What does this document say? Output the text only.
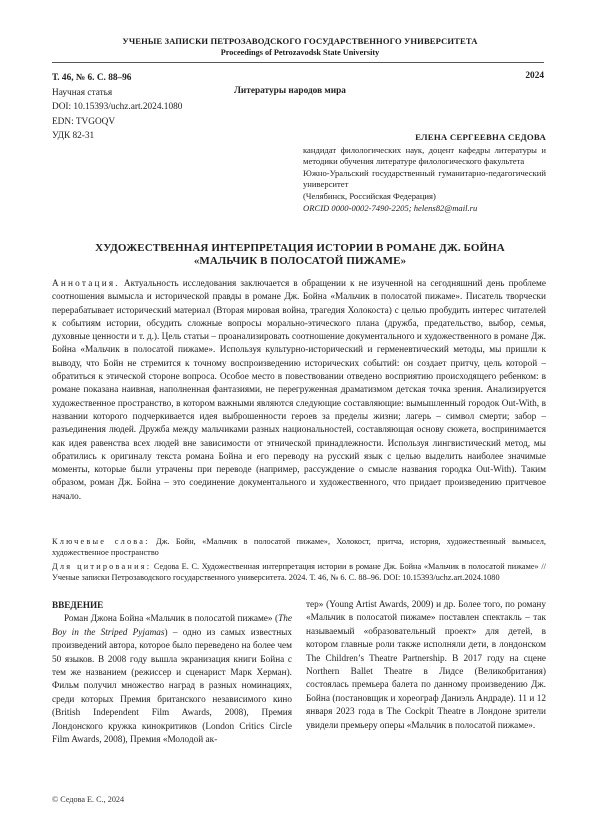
УЧЕНЫЕ ЗАПИСКИ ПЕТРОЗАВОДСКОГО ГОСУДАРСТВЕННОГО УНИВЕРСИТЕТА
Proceedings of Petrozavodsk State University
Т. 46, № 6. С. 88–96
Научная статья
DOI: 10.15393/uchz.art.2024.1080
EDN: TVGOQV
УДК 82-31
2024
Литературы народов мира
ЕЛЕНА СЕРГЕЕВНА СЕДОВА
кандидат филологических наук, доцент кафедры литературы и методики обучения литературе филологического факультета
Южно-Уральский государственный гуманитарно-педагогический университет
(Челябинск, Российская Федерация)
ORCID 0000-0002-7490-2205; helens82@mail.ru
ХУДОЖЕСТВЕННАЯ ИНТЕРПРЕТАЦИЯ ИСТОРИИ В РОМАНЕ ДЖ. БОЙНА
«МАЛЬЧИК В ПОЛОСАТОЙ ПИЖАМЕ»
Аннотация. Актуальность исследования заключается в обращении к не изученной на сегодняшний день проблеме соотношения вымысла и исторической правды в романе Дж. Бойна «Мальчик в полосатой пижаме». Писатель творчески перерабатывает исторический материал (Вторая мировая война, трагедия Холокоста) с целью пробудить интерес читателей к событиям истории, обсудить сложные вопросы морально-этического плана (дружба, предательство, выбор, семья, духовные ценности и т. д.). Цель статьи – проанализировать соотношение документального и художественного в романе Дж. Бойна «Мальчик в полосатой пижаме». Используя культурно-исторический и герменевтический методы, мы пришли к выводу, что Бойн не стремится к точному воспроизведению исторических событий: он создает притчу, цель которой – обратиться к этической стороне вопроса. Особое место в повествовании отведено восприятию происходящего ребенком: в романе показана наивная, наполненная фантазиями, не перегруженная драматизмом детская точка зрения. Анализируется художественное пространство, в котором важными являются следующие составляющие: вымышленный городок Out-With, в названии которого подчеркивается идея выброшенности героев за пределы жизни; лагерь – символ смерти; забор – разъединения людей. Дружба между мальчиками разных национальностей, составляющая основу сюжета, воспринимается как идея равенства всех людей вне зависимости от этнической принадлежности. Используя лингвистический метод, мы обратились к оригиналу текста романа Бойна и его переводу на русский язык с целью выделить наиболее значимые моменты, которые были утрачены при переводе (например, рассуждение о смысле названия городка Out-With). Таким образом, роман Дж. Бойна – это соединение документального и художественного, что придает произведению притчевое начало.
Ключевые слова: Дж. Бойн, «Мальчик в полосатой пижаме», Холокост, притча, история, художественный вымысел, художественное пространство
Для цитирования: Седова Е. С. Художественная интерпретация истории в романе Дж. Бойна «Мальчик в полосатой пижаме» // Ученые записки Петрозаводского государственного университета. 2024. Т. 46, № 6. С. 88–96. DOI: 10.15393/uchz.art.2024.1080
ВВЕДЕНИЕ
Роман Джона Бойна «Мальчик в полосатой пижаме» (The Boy in the Striped Pyjamas) – одно из самых известных произведений автора, которое было переведено на более чем 50 языков. В 2008 году вышла экранизация книги Бойна с тем же названием (режиссер и сценарист Марк Херман). Фильм получил множество наград в разных номинациях, среди которых Премия британского независимого кино (British Independent Film Awards, 2008), Премия Лондонского кружка кинокритиков (London Critics Circle Film Awards, 2008), Премия «Молодой ак-
тер» (Young Artist Awards, 2009) и др. Более того, по роману «Мальчик в полосатой пижаме» поставлен спектакль – так называемый «образовательный проект» для детей, в котором главные роли также исполняли дети, в лондонском The Children’s Theatre Partnership. В 2017 году на сцене Northern Ballet Theatre в Лидсе (Великобритания) состоялась премьера балета по данному произведению Дж. Бойна (постановщик и хореограф Даниэль Андраде). 11 и 12 января 2023 года в The Cockpit Theatre в Лондоне зрители увидели премьеру оперы «Мальчик в полосатой пижаме».
© Седова Е. С., 2024
